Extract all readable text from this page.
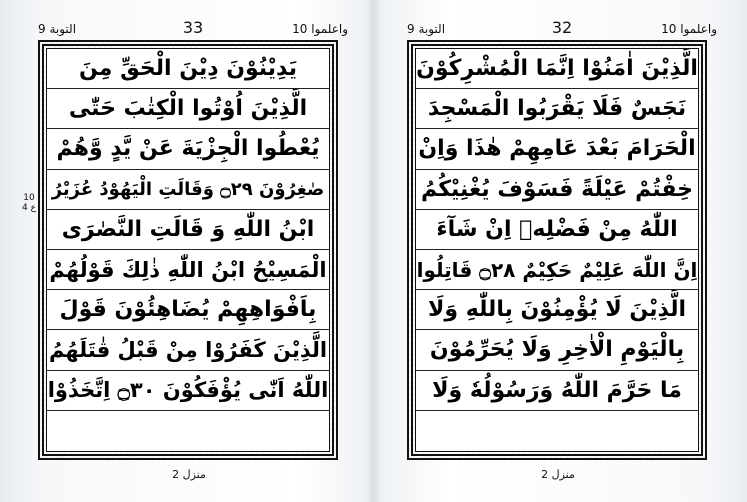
التوبة 9	33	واعلموا 10
10 ع 4
يَدِيْنُوْنَ دِيْنَ الْحَقِّ مِنَ
الَّذِيْنَ اُوْتُوا الْكِتٰبَ حَتّٰى
يُعْطُوا الْجِزْيَةَ عَنْ يَّدٍ وَّهُمْ
صٰغِرُوْنَ ۝٢٩ وَقَالَتِ الْيَهُوْدُ عُزَيْرُ
ابْنُ اللّٰهِ وَ قَالَتِ النَّصٰرَى
الْمَسِيْحُ ابْنُ اللّٰهِ ذٰلِكَ قَوْلُهُمْ
بِاَفْوَاهِهِمْ يُضَاهِئُوْنَ قَوْلَ
الَّذِيْنَ كَفَرُوْا مِنْ قَبْلُ قٰتَلَهُمُ
اللّٰهُ اَنّٰى يُؤْفَكُوْنَ ۝٣٠ اِتَّخَذُوْا
منزل 2
التوبة 9	32	واعلموا 10
الَّذِيْنَ اٰمَنُوْا اِنَّمَا الْمُشْرِكُوْنَ
نَجَسٌ فَلَا يَقْرَبُوا الْمَسْجِدَ
الْحَرَامَ بَعْدَ عَامِهِمْ هٰذَا وَاِنْ
خِفْتُمْ عَيْلَةً فَسَوْفَ يُغْنِيْكُمُ
اللّٰهُ مِنْ فَضْلِهٖ اِنْ شَآءَ
اِنَّ اللّٰهَ عَلِيْمٌ حَكِيْمٌ ۝٢٨ قَاتِلُوا
الَّذِيْنَ لَا يُؤْمِنُوْنَ بِاللّٰهِ وَلَا
بِالْيَوْمِ الْاٰخِرِ وَلَا يُحَرِّمُوْنَ
مَا حَرَّمَ اللّٰهُ وَرَسُوْلُهٗ وَلَا
منزل 2
